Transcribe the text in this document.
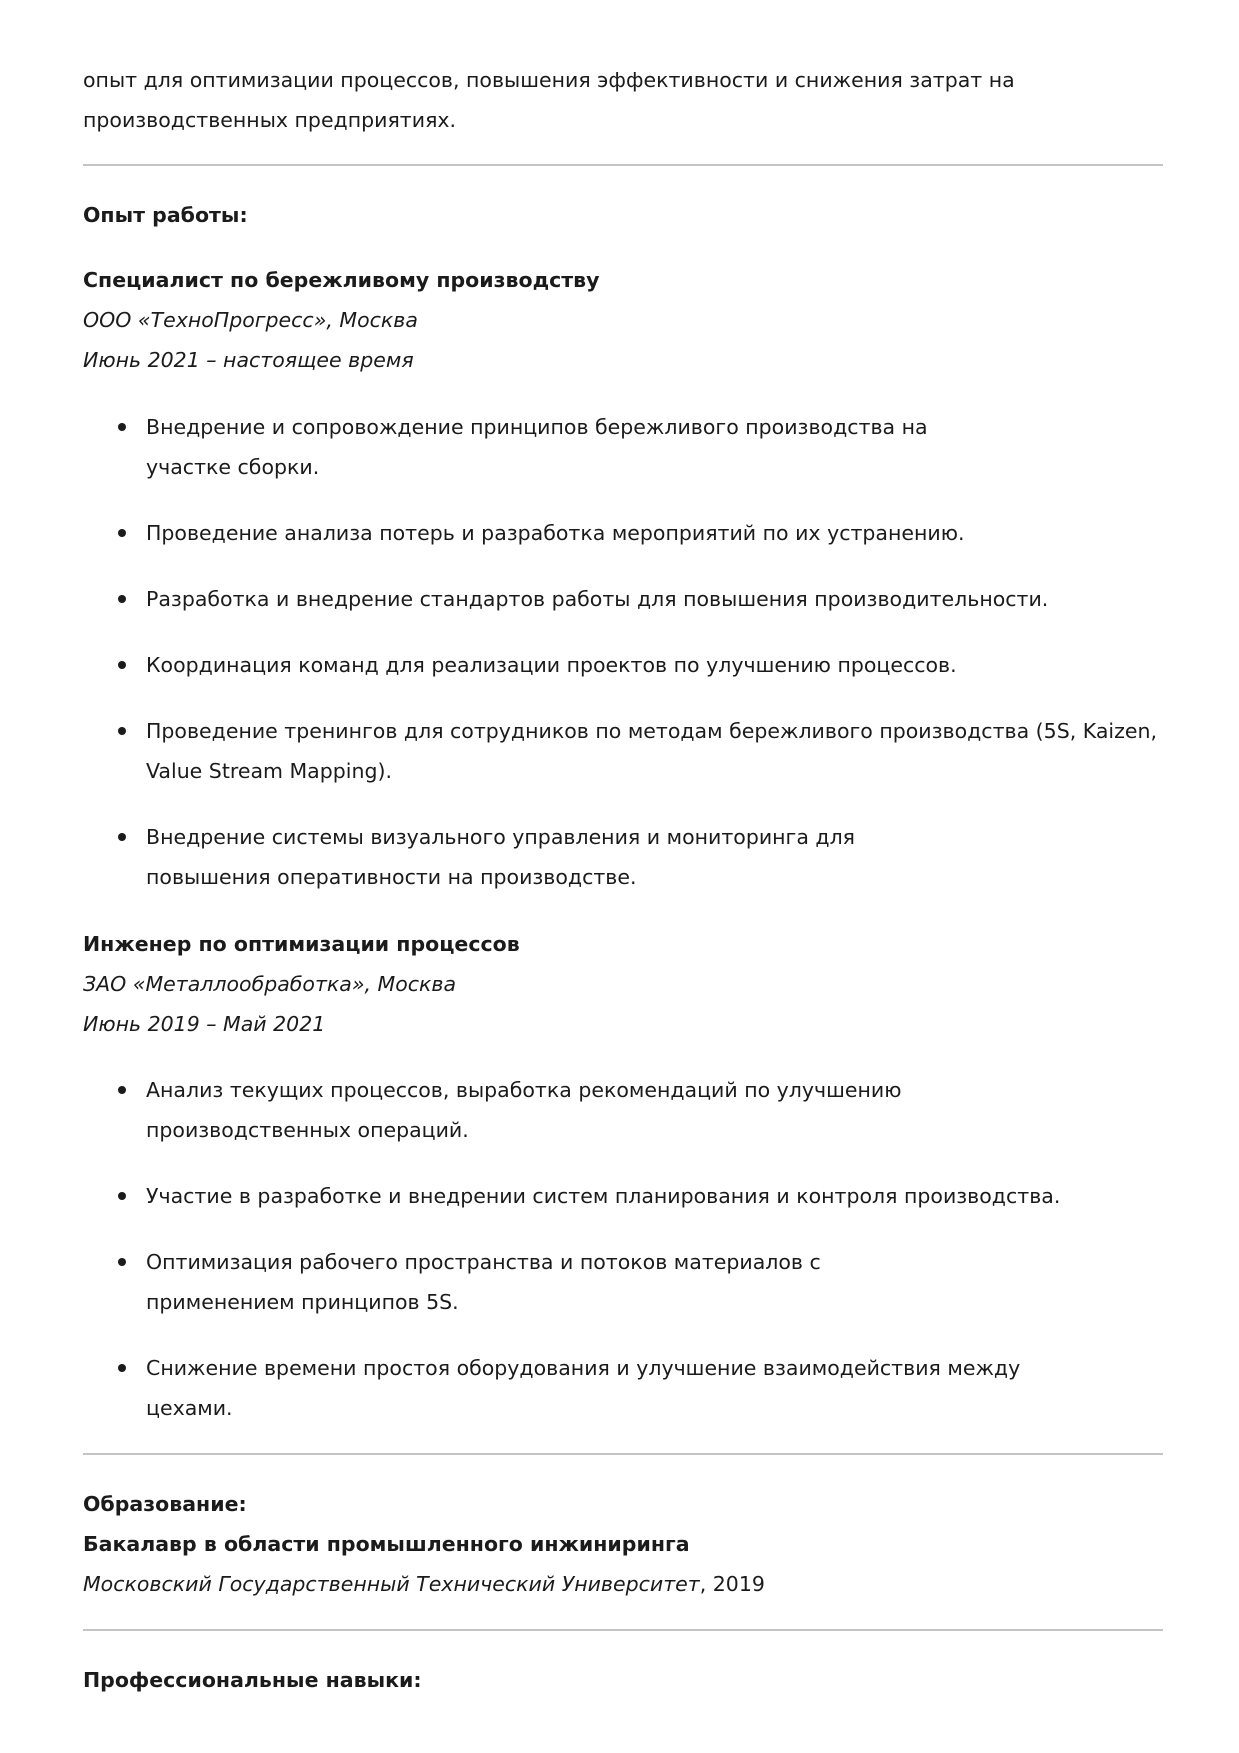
опыт для оптимизации процессов, повышения эффективности и снижения затрат на производственных предприятиях.

Опыт работы:

Специалист по бережливому производству

ООО «ТехноПрогресс», Москва

Июнь 2021 – настоящее время

Внедрение и сопровождение принципов бережливого производства на участке сборки.
Проведение анализа потерь и разработка мероприятий по их устранению.
Разработка и внедрение стандартов работы для повышения производительности.
Координация команд для реализации проектов по улучшению процессов.
Проведение тренингов для сотрудников по методам бережливого производства (5S, Kaizen, Value Stream Mapping).
Внедрение системы визуального управления и мониторинга для повышения оперативности на производстве.

Инженер по оптимизации процессов

ЗАО «Металлообработка», Москва

Июнь 2019 – Май 2021

Анализ текущих процессов, выработка рекомендаций по улучшению производственных операций.
Участие в разработке и внедрении систем планирования и контроля производства.
Оптимизация рабочего пространства и потоков материалов с применением принципов 5S.
Снижение времени простоя оборудования и улучшение взаимодействия между цехами.

Образование:

Бакалавр в области промышленного инжиниринга

Московский Государственный Технический Университет, 2019

Профессиональные навыки:
